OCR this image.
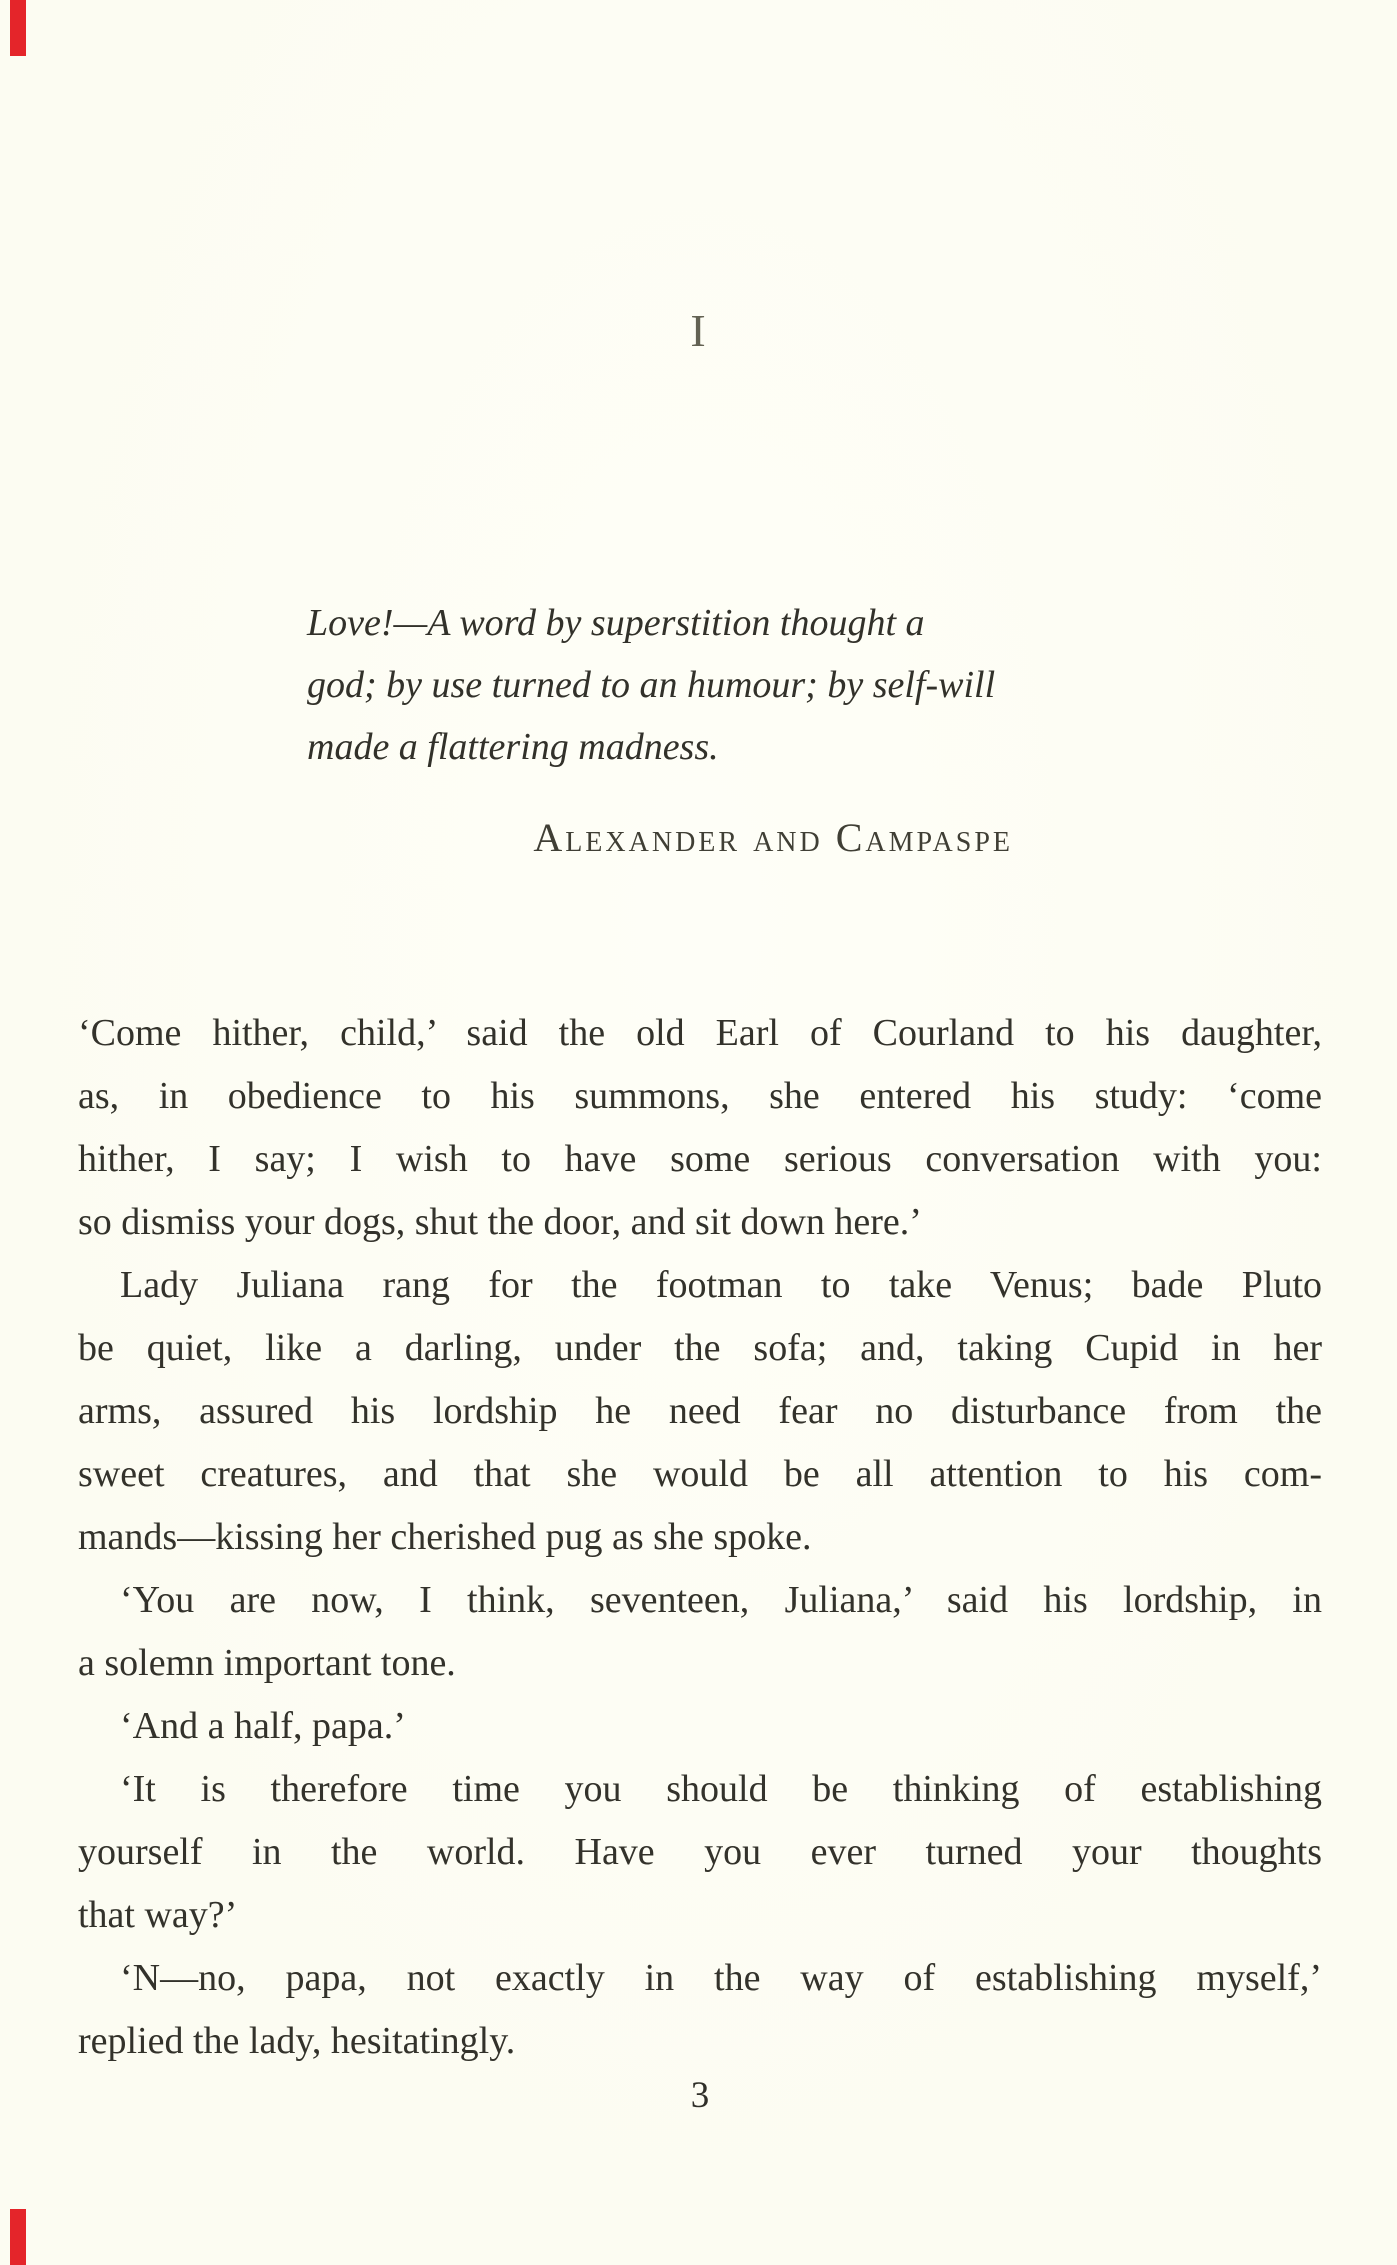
I
Love!—A word by superstition thought a
god; by use turned to an humour; by self-will
made a flattering madness.
Alexander and Campaspe
‘Come hither, child,’ said the old Earl of Courland to his daughter,
as, in obedience to his summons, she entered his study: ‘come
hither, I say; I wish to have some serious conversation with you:
so dismiss your dogs, shut the door, and sit down here.’
Lady Juliana rang for the footman to take Venus; bade Pluto
be quiet, like a darling, under the sofa; and, taking Cupid in her
arms, assured his lordship he need fear no disturbance from the
sweet creatures, and that she would be all attention to his com-
mands—kissing her cherished pug as she spoke.
‘You are now, I think, seventeen, Juliana,’ said his lordship, in
a solemn important tone.
‘And a half, papa.’
‘It is therefore time you should be thinking of establishing
yourself in the world. Have you ever turned your thoughts
that way?’
‘N—no, papa, not exactly in the way of establishing myself,’
replied the lady, hesitatingly.
3
